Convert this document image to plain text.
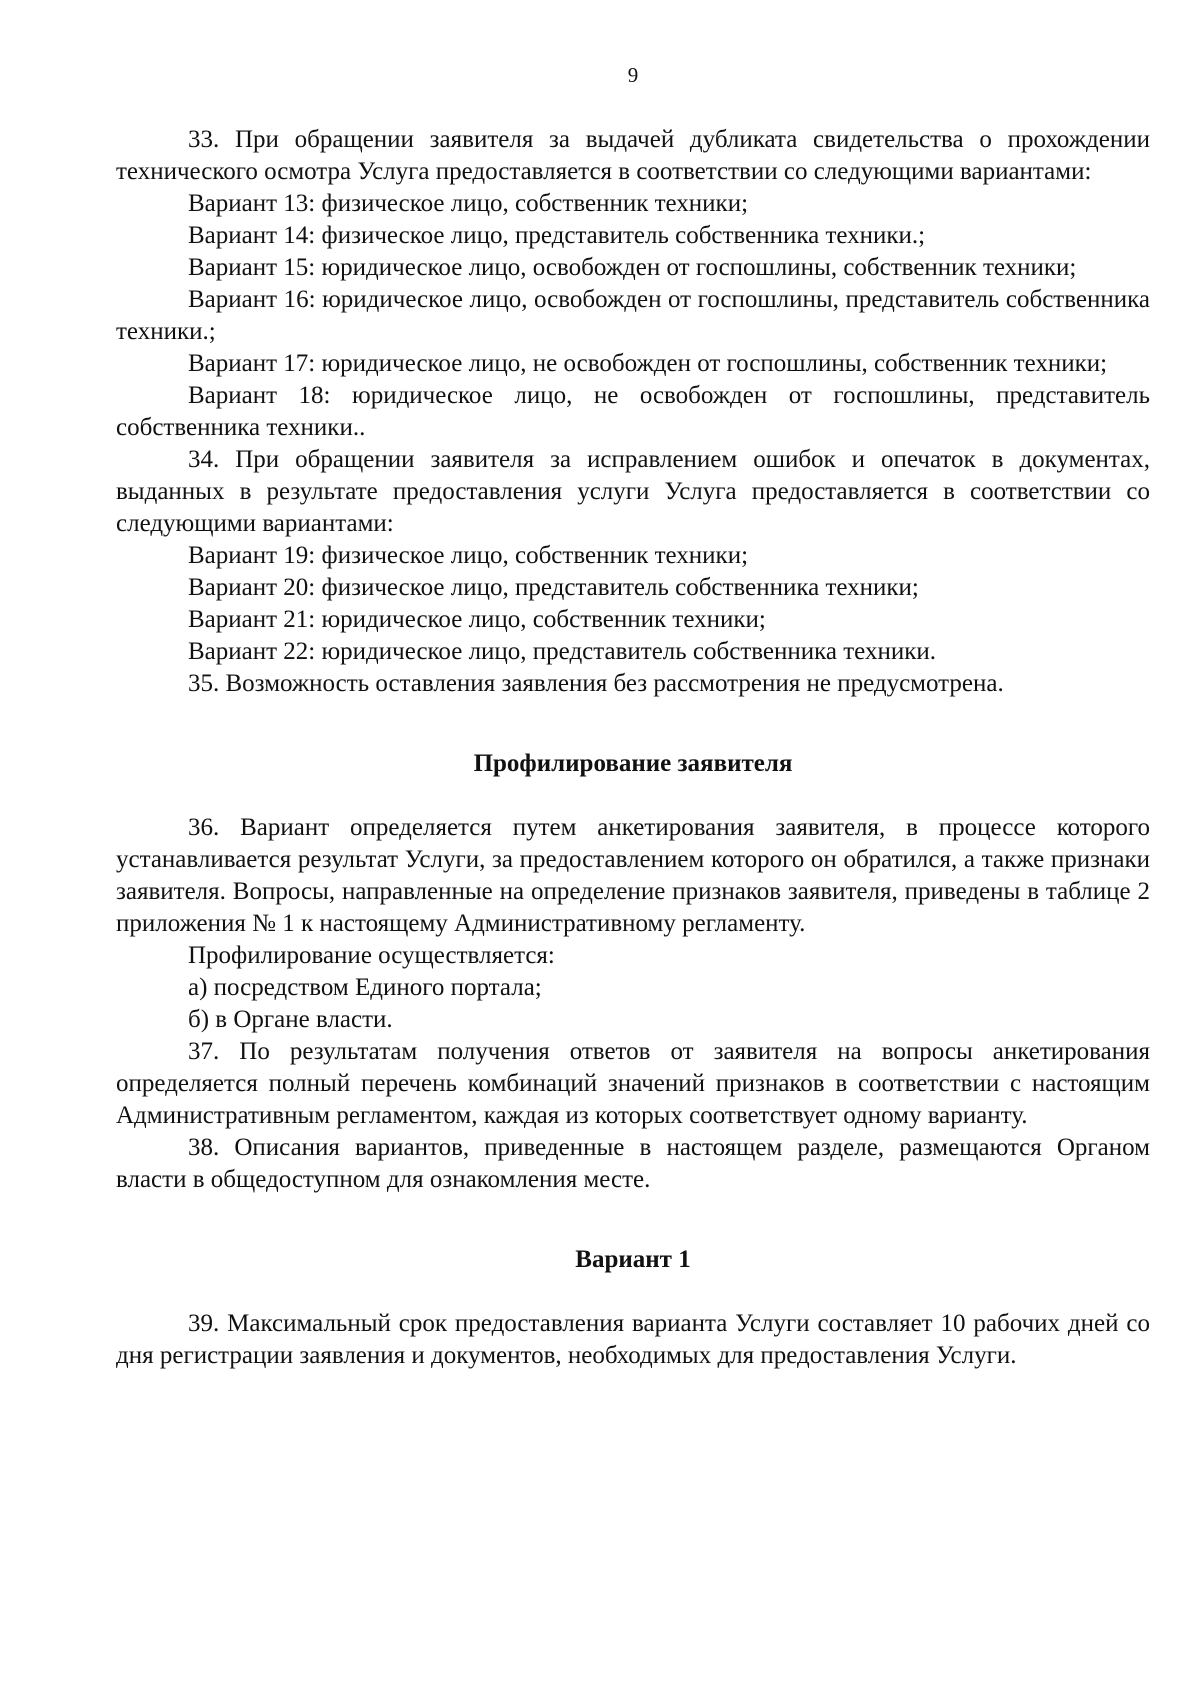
9

33. При обращении заявителя за выдачей дубликата свидетельства о прохождении технического осмотра Услуга предоставляется в соответствии со следующими вариантами:

Вариант 13: физическое лицо, собственник техники;

Вариант 14: физическое лицо, представитель собственника техники.;

Вариант 15: юридическое лицо, освобожден от госпошлины, собственник техники;

Вариант 16: юридическое лицо, освобожден от госпошлины, представитель собственника техники.;

Вариант 17: юридическое лицо, не освобожден от госпошлины, собственник техники;

Вариант 18: юридическое лицо, не освобожден от госпошлины, представитель собственника техники..

34. При обращении заявителя за исправлением ошибок и опечаток в документах, выданных в результате предоставления услуги Услуга предоставляется в соответствии со следующими вариантами:

Вариант 19: физическое лицо, собственник техники;

Вариант 20: физическое лицо, представитель собственника техники;

Вариант 21: юридическое лицо, собственник техники;

Вариант 22: юридическое лицо, представитель собственника техники.

35. Возможность оставления заявления без рассмотрения не предусмотрена.

Профилирование заявителя

36. Вариант определяется путем анкетирования заявителя, в процессе которого устанавливается результат Услуги, за предоставлением которого он обратился, а также признаки заявителя. Вопросы, направленные на определение признаков заявителя, приведены в таблице 2 приложения № 1 к настоящему Административному регламенту.

Профилирование осуществляется:

а) посредством Единого портала;

б) в Органе власти.

37. По результатам получения ответов от заявителя на вопросы анкетирования определяется полный перечень комбинаций значений признаков в соответствии с настоящим Административным регламентом, каждая из которых соответствует одному варианту.

38. Описания вариантов, приведенные в настоящем разделе, размещаются Органом власти в общедоступном для ознакомления месте.

Вариант 1

39. Максимальный срок предоставления варианта Услуги составляет 10 рабочих дней со дня регистрации заявления и документов, необходимых для предоставления Услуги.
